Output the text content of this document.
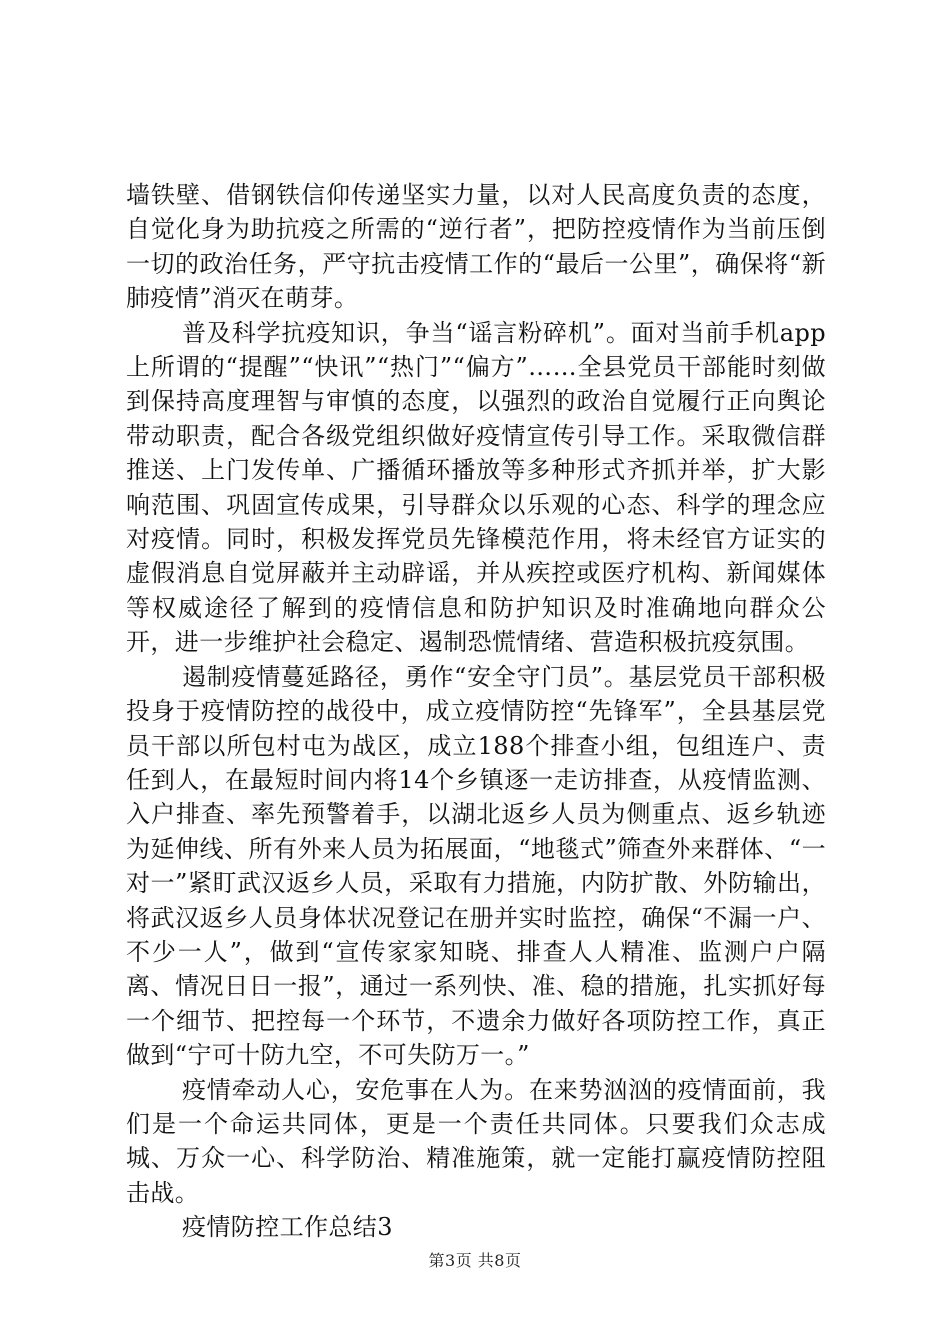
墙铁壁、借钢铁信仰传递坚实力量，以对人民高度负责的态度，自觉化身为助抗疫之所需的“逆行者”，把防控疫情作为当前压倒一切的政治任务，严守抗击疫情工作的“最后一公里”，确保将“新肺疫情”消灭在萌芽。

普及科学抗疫知识，争当“谣言粉碎机”。面对当前手机app上所谓的“提醒”“快讯”“热门”“偏方”……全县党员干部能时刻做到保持高度理智与审慎的态度，以强烈的政治自觉履行正向舆论带动职责，配合各级党组织做好疫情宣传引导工作。采取微信群推送、上门发传单、广播循环播放等多种形式齐抓并举，扩大影响范围、巩固宣传成果，引导群众以乐观的心态、科学的理念应对疫情。同时，积极发挥党员先锋模范作用，将未经官方证实的虚假消息自觉屏蔽并主动辟谣，并从疾控或医疗机构、新闻媒体等权威途径了解到的疫情信息和防护知识及时准确地向群众公开，进一步维护社会稳定、遏制恐慌情绪、营造积极抗疫氛围。

遏制疫情蔓延路径，勇作“安全守门员”。基层党员干部积极投身于疫情防控的战役中，成立疫情防控“先锋军”，全县基层党员干部以所包村屯为战区，成立188个排查小组，包组连户、责任到人，在最短时间内将14个乡镇逐一走访排查，从疫情监测、入户排查、率先预警着手，以湖北返乡人员为侧重点、返乡轨迹为延伸线、所有外来人员为拓展面，“地毯式”筛查外来群体、“一对一”紧盯武汉返乡人员，采取有力措施，内防扩散、外防输出，将武汉返乡人员身体状况登记在册并实时监控，确保“不漏一户、不少一人”，做到“宣传家家知晓、排查人人精准、监测户户隔离、情况日日一报”，通过一系列快、准、稳的措施，扎实抓好每一个细节、把控每一个环节，不遗余力做好各项防控工作，真正做到“宁可十防九空，不可失防万一。”

疫情牵动人心，安危事在人为。在来势汹汹的疫情面前，我们是一个命运共同体，更是一个责任共同体。只要我们众志成城、万众一心、科学防治、精准施策，就一定能打赢疫情防控阻击战。

疫情防控工作总结3

第3页 共8页
